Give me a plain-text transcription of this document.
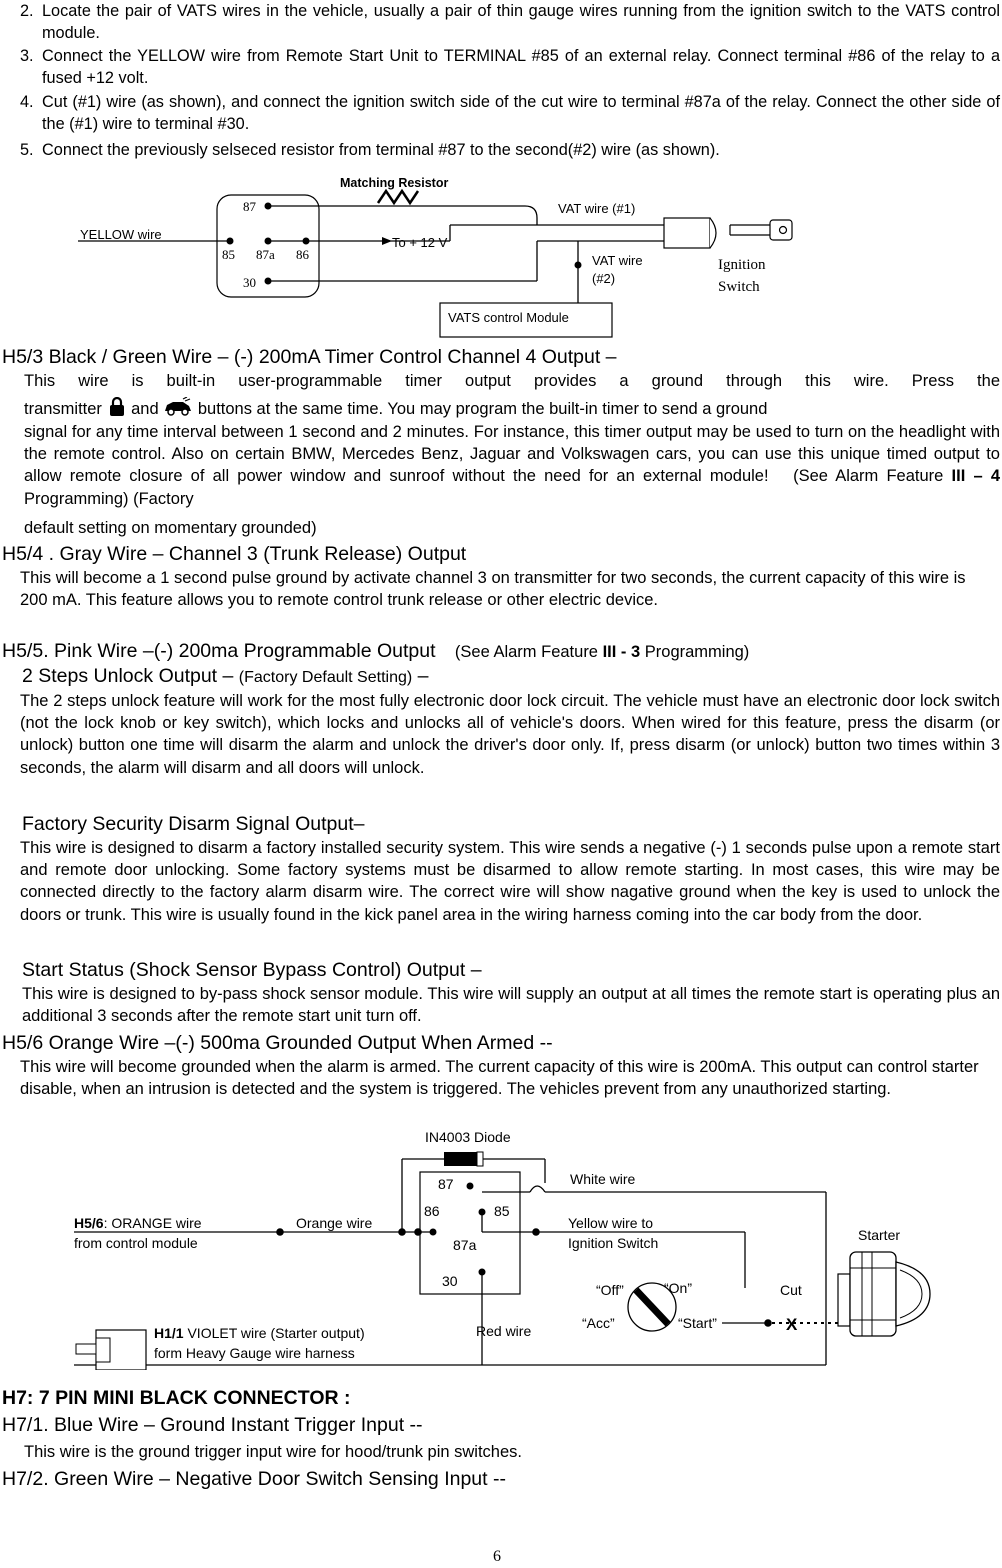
2. Locate the pair of VATS wires in the vehicle, usually a pair of thin gauge wires running from the ignition switch to the VATS control module.
3. Connect the YELLOW wire from Remote Start Unit to TERMINAL #85 of an external relay. Connect terminal #86 of the relay to a fused +12 volt.
4. Cut (#1) wire (as shown), and connect the ignition switch side of the cut wire to terminal #87a of the relay. Connect the other side of the (#1) wire to terminal #30.
5. Connect the previously selseced resistor from terminal #87 to the second(#2) wire (as shown).
Matching Resistor
87	VAT wire (#1)
YELLOW wire
To + 12 V
85 87a 86
30
VAT wire
(#2)
VATS control Module
Ignition
Switch
H5/3 Black / Green Wire – (-) 200mA Timer Control Channel 4 Output –
This wire is built-in user-programmable timer output provides a ground through this wire. Press the
transmitter and buttons at the same time. You may program the built-in timer to send a ground
signal for any time interval between 1 second and 2 minutes. For instance, this timer output may be used to turn on the headlight with the remote control. Also on certain BMW, Mercedes Benz, Jaguar and Volkswagen cars, you can use this unique timed output to allow remote closure of all power window and sunroof without the need for an external module! (See Alarm Feature III – 4 Programming) (Factory
default setting on momentary grounded)
H5/4 . Gray Wire – Channel 3 (Trunk Release) Output
This will become a 1 second pulse ground by activate channel 3 on transmitter for two seconds, the current capacity of this wire is 200 mA. This feature allows you to remote control trunk release or other electric device.
H5/5. Pink Wire –(-) 200ma Programmable Output (See Alarm Feature III - 3 Programming)
2 Steps Unlock Output – (Factory Default Setting) –
The 2 steps unlock feature will work for the most fully electronic door lock circuit. The vehicle must have an electronic door lock switch (not the lock knob or key switch), which locks and unlocks all of vehicle's doors. When wired for this feature, press the disarm (or unlock) button one time will disarm the alarm and unlock the driver's door only. If, press disarm (or unlock) button two times within 3 seconds, the alarm will disarm and all doors will unlock.
Factory Security Disarm Signal Output–
This wire is designed to disarm a factory installed security system. This wire sends a negative (-) 1 seconds pulse upon a remote start and remote door unlocking. Some factory systems must be disarmed to allow remote starting. In most cases, this wire may be connected directly to the factory alarm disarm wire. The correct wire will show nagative ground when the key is used to unlock the doors or trunk. This wire is usually found in the kick panel area in the wiring harness coming into the car body from the door.
Start Status (Shock Sensor Bypass Control) Output –
This wire is designed to by-pass shock sensor module. This wire will supply an output at all times the remote start is operating plus an additional 3 seconds after the remote start unit turn off.
H5/6 Orange Wire –(-) 500ma Grounded Output When Armed --
This wire will become grounded when the alarm is armed. The current capacity of this wire is 200mA. This output can control starter disable, when an intrusion is detected and the system is triggered. The vehicles prevent from any unauthorized starting.
IN4003 Diode
White wire
87
86	85
87a
30
H5/6: ORANGE wire
from control module
Orange wire	Yellow wire to
Ignition Switch
Red wire
“Off”	“On”
“Acc”	“Start”
Cut
X
Starter
H1/1 VIOLET wire (Starter output)
form Heavy Gauge wire harness
H7: 7 PIN MINI BLACK CONNECTOR :
H7/1. Blue Wire – Ground Instant Trigger Input --
This wire is the ground trigger input wire for hood/trunk pin switches.
H7/2. Green Wire – Negative Door Switch Sensing Input --
6
